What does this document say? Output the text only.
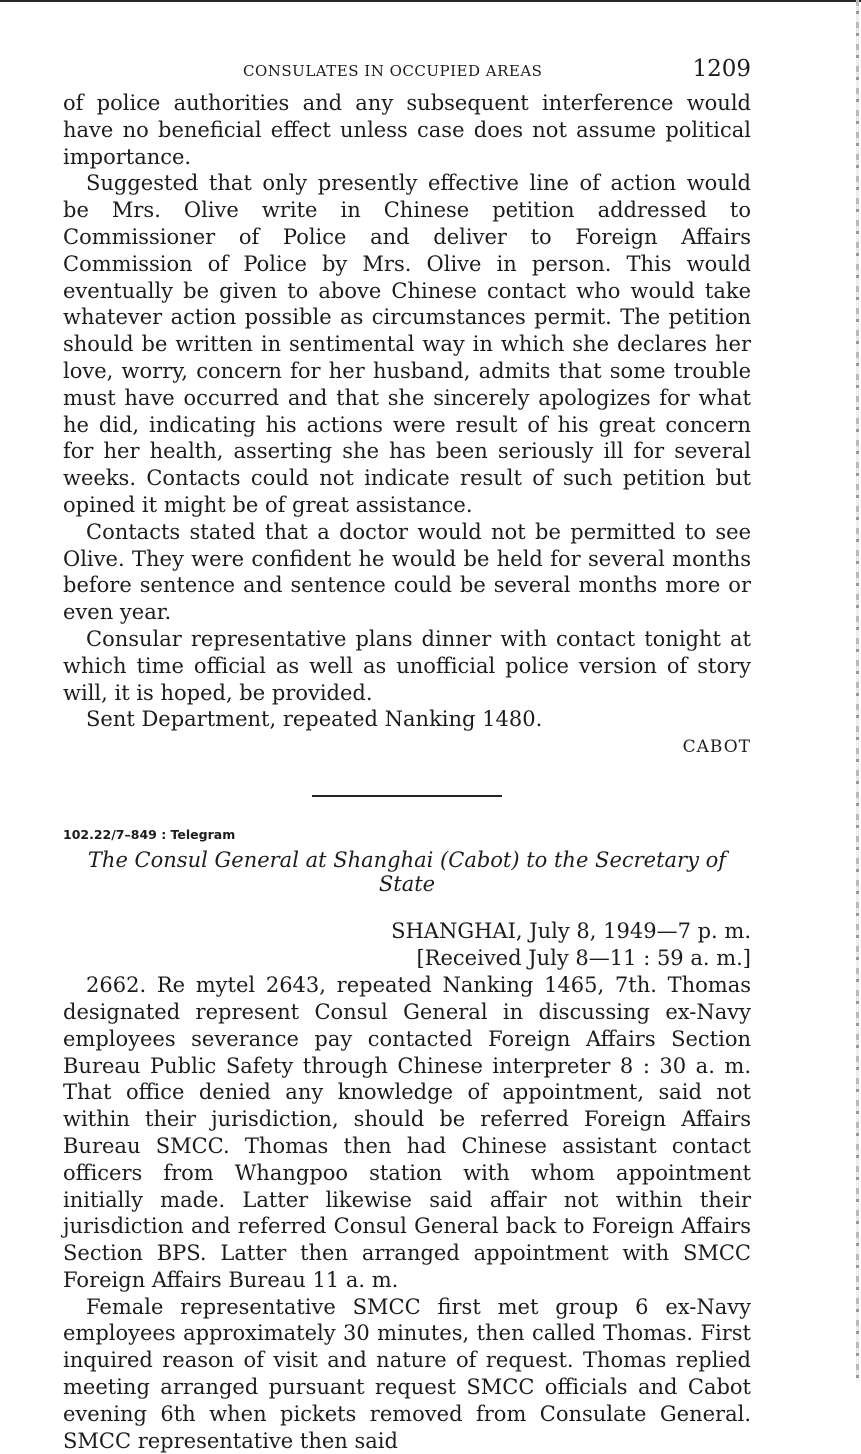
CONSULATES IN OCCUPIED AREAS	1209

of police authorities and any subsequent interference would have no beneficial effect unless case does not assume political importance.

Suggested that only presently effective line of action would be Mrs. Olive write in Chinese petition addressed to Commissioner of Police and deliver to Foreign Affairs Commission of Police by Mrs. Olive in person. This would eventually be given to above Chinese contact who would take whatever action possible as circumstances permit. The petition should be written in sentimental way in which she declares her love, worry, concern for her husband, admits that some trouble must have occurred and that she sincerely apologizes for what he did, indicating his actions were result of his great concern for her health, asserting she has been seriously ill for several weeks. Contacts could not indicate result of such petition but opined it might be of great assistance.

Contacts stated that a doctor would not be permitted to see Olive. They were confident he would be held for several months before sentence and sentence could be several months more or even year.

Consular representative plans dinner with contact tonight at which time official as well as unofficial police version of story will, it is hoped, be provided.

Sent Department, repeated Nanking 1480.

CABOT
102.22/7–849 : Telegram
The Consul General at Shanghai (Cabot) to the Secretary of State
SHANGHAI, July 8, 1949—7 p. m.
[Received July 8—11 : 59 a. m.]

2662. Re mytel 2643, repeated Nanking 1465, 7th. Thomas designated represent Consul General in discussing ex-Navy employees severance pay contacted Foreign Affairs Section Bureau Public Safety through Chinese interpreter 8 : 30 a. m. That office denied any knowledge of appointment, said not within their jurisdiction, should be referred Foreign Affairs Bureau SMCC. Thomas then had Chinese assistant contact officers from Whangpoo station with whom appointment initially made. Latter likewise said affair not within their jurisdiction and referred Consul General back to Foreign Affairs Section BPS. Latter then arranged appointment with SMCC Foreign Affairs Bureau 11 a. m.

Female representative SMCC first met group 6 ex-Navy employees approximately 30 minutes, then called Thomas. First inquired reason of visit and nature of request. Thomas replied meeting arranged pursuant request SMCC officials and Cabot evening 6th when pickets removed from Consulate General. SMCC representative then said
